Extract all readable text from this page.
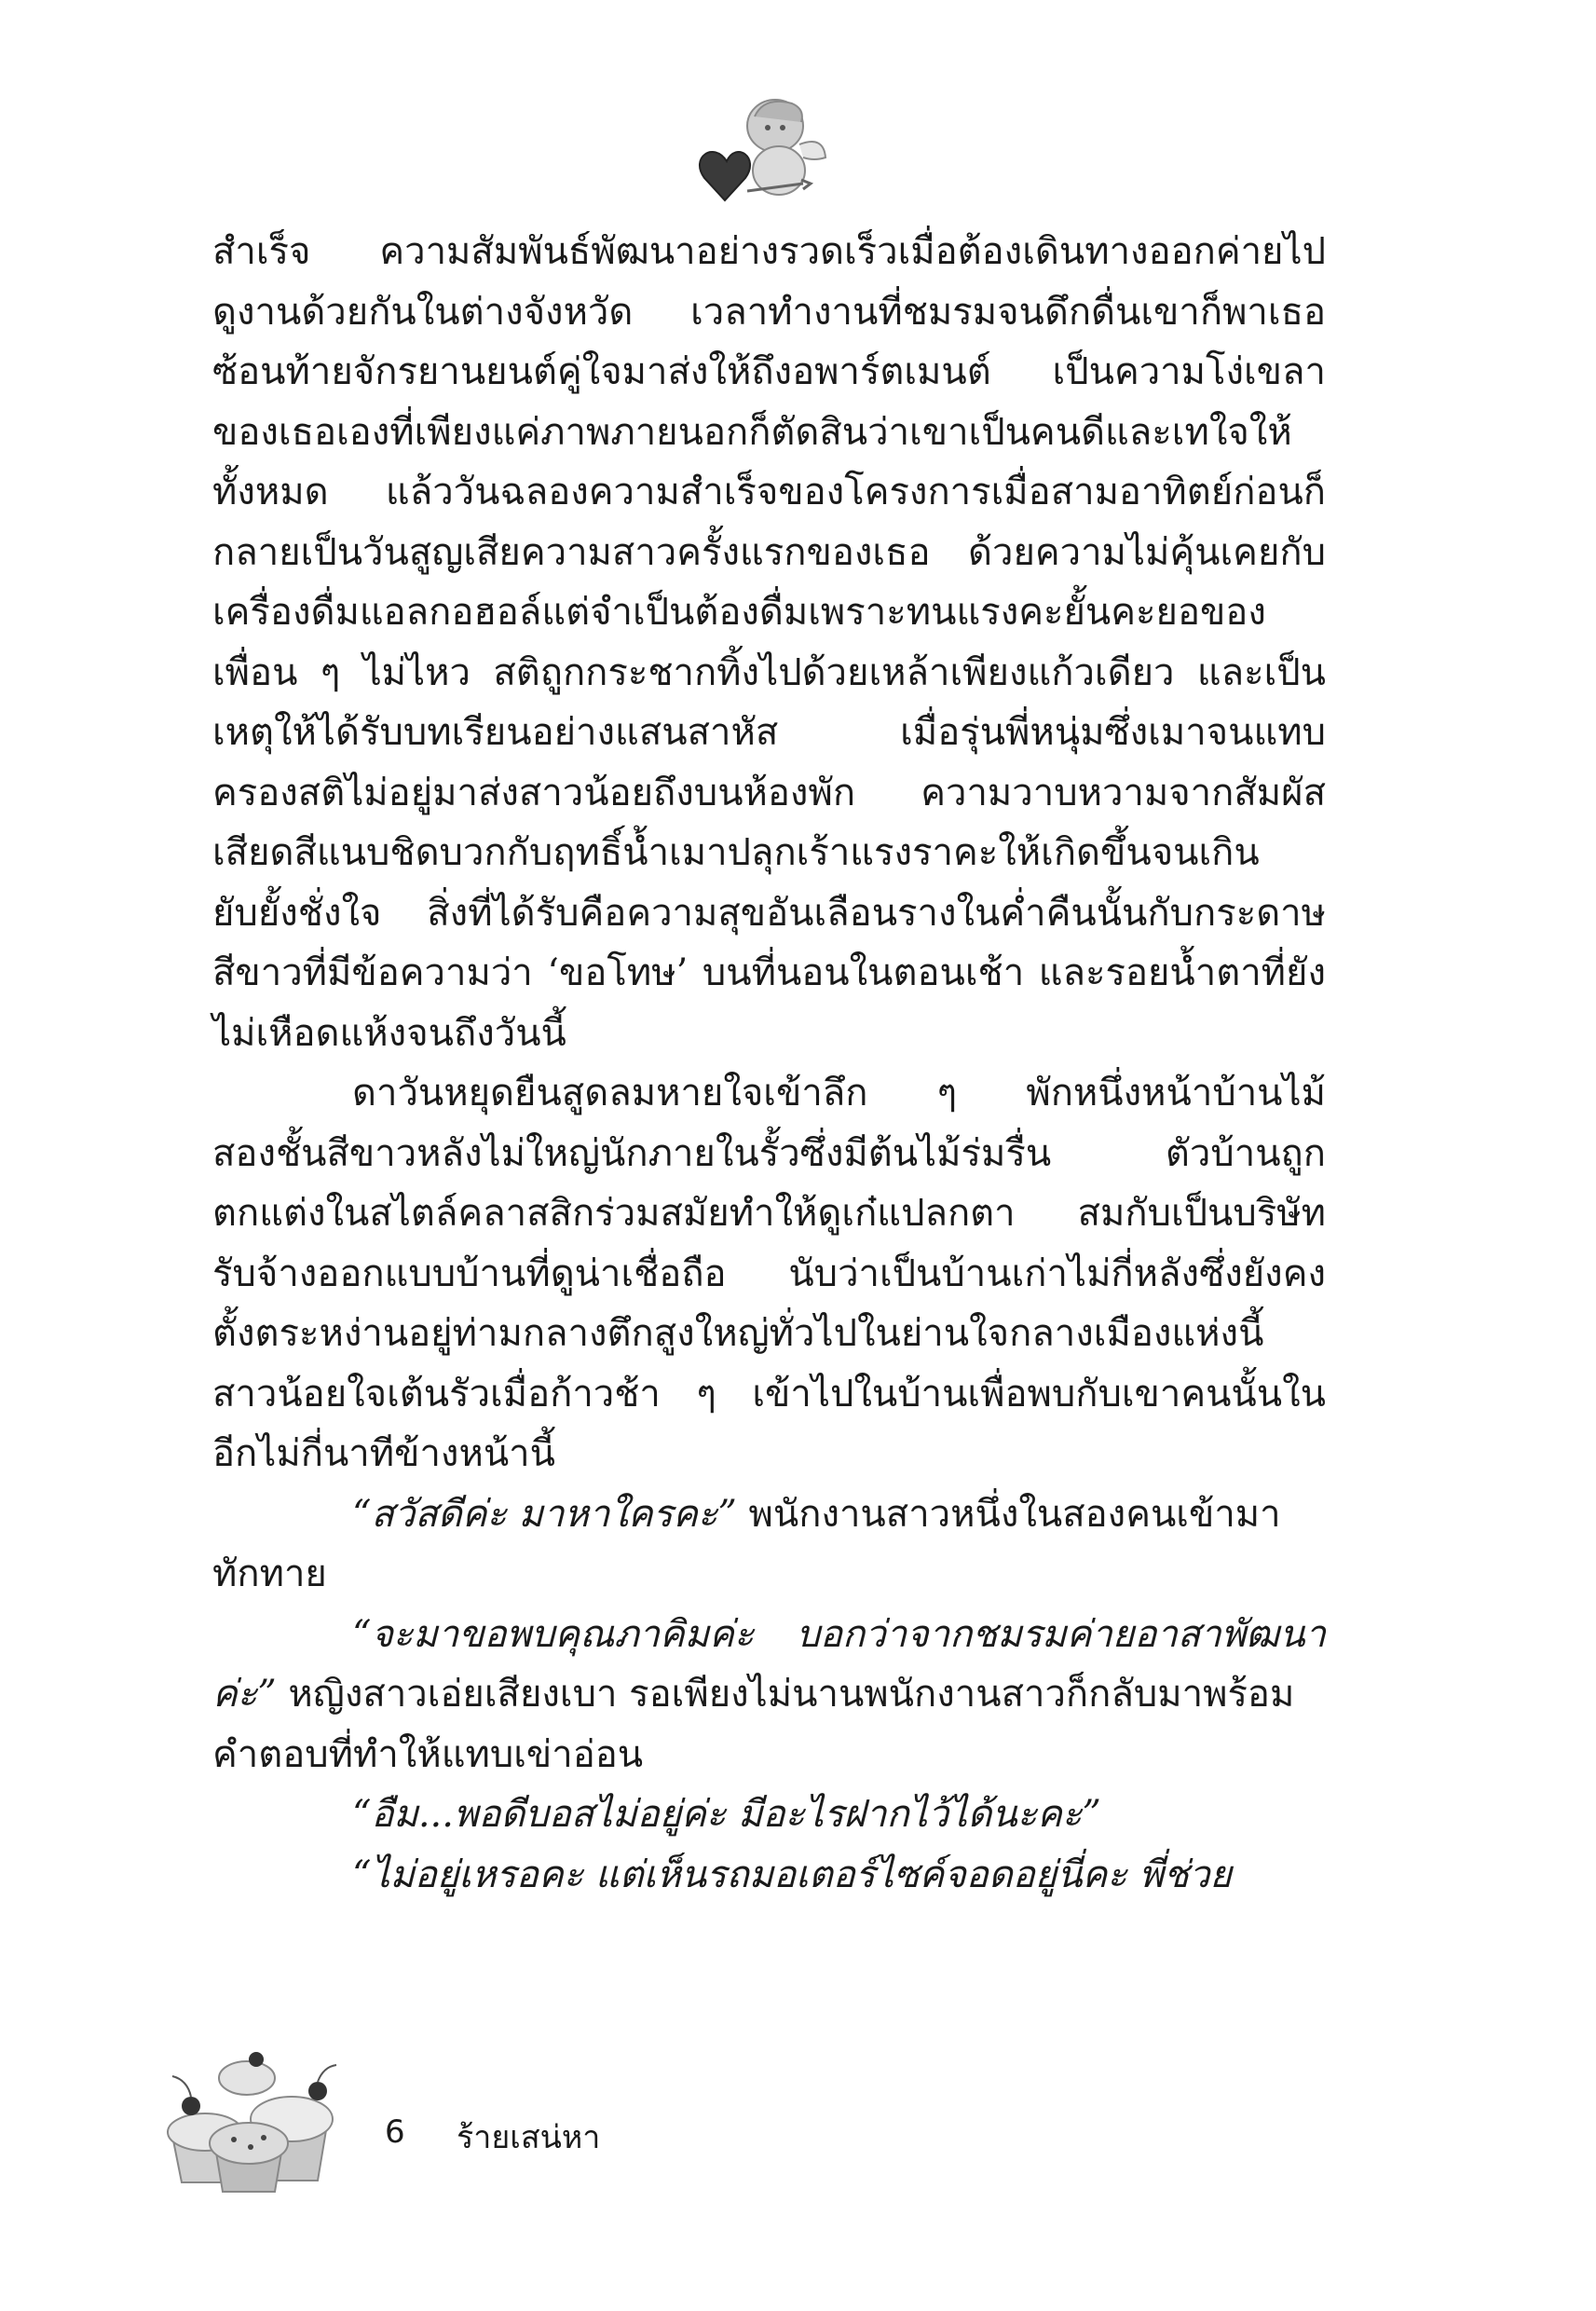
สำเร็จ ความสัมพันธ์พัฒนาอย่างรวดเร็วเมื่อต้องเดินทางออกค่ายไป
ดูงานด้วยกันในต่างจังหวัด เวลาทำงานที่ชมรมจนดึกดื่นเขาก็พาเธอ
ซ้อนท้ายจักรยานยนต์คู่ใจมาส่งให้ถึงอพาร์ตเมนต์ เป็นความโง่เขลา
ของเธอเองที่เพียงแค่ภาพภายนอกก็ตัดสินว่าเขาเป็นคนดีและเทใจให้
ทั้งหมด แล้ววันฉลองความสำเร็จของโครงการเมื่อสามอาทิตย์ก่อนก็
กลายเป็นวันสูญเสียความสาวครั้งแรกของเธอ ด้วยความไม่คุ้นเคยกับ
เครื่องดื่มแอลกอฮอล์แต่จำเป็นต้องดื่มเพราะทนแรงคะยั้นคะยอของ
เพื่อน ๆ ไม่ไหว สติถูกกระชากทิ้งไปด้วยเหล้าเพียงแก้วเดียว และเป็น
เหตุให้ได้รับบทเรียนอย่างแสนสาหัส เมื่อรุ่นพี่หนุ่มซึ่งเมาจนแทบ
ครองสติไม่อยู่มาส่งสาวน้อยถึงบนห้องพัก ความวาบหวามจากสัมผัส
เสียดสีแนบชิดบวกกับฤทธิ์น้ำเมาปลุกเร้าแรงราคะให้เกิดขึ้นจนเกิน
ยับยั้งชั่งใจ สิ่งที่ได้รับคือความสุขอันเลือนรางในค่ำคืนนั้นกับกระดาษ
สีขาวที่มีข้อความว่า ‘ขอโทษ’ บนที่นอนในตอนเช้า และรอยน้ำตาที่ยัง
ไม่เหือดแห้งจนถึงวันนี้
ดาวันหยุดยืนสูดลมหายใจเข้าลึก ๆ พักหนึ่งหน้าบ้านไม้
สองชั้นสีขาวหลังไม่ใหญ่นักภายในรั้วซึ่งมีต้นไม้ร่มรื่น ตัวบ้านถูก
ตกแต่งในสไตล์คลาสสิกร่วมสมัยทำให้ดูเก๋แปลกตา สมกับเป็นบริษัท
รับจ้างออกแบบบ้านที่ดูน่าเชื่อถือ นับว่าเป็นบ้านเก่าไม่กี่หลังซึ่งยังคง
ตั้งตระหง่านอยู่ท่ามกลางตึกสูงใหญ่ทั่วไปในย่านใจกลางเมืองแห่งนี้
สาวน้อยใจเต้นรัวเมื่อก้าวช้า ๆ เข้าไปในบ้านเพื่อพบกับเขาคนนั้นใน
อีกไม่กี่นาทีข้างหน้านี้
“สวัสดีค่ะ มาหาใครคะ” พนักงานสาวหนึ่งในสองคนเข้ามา
ทักทาย
“จะมาขอพบคุณภาคิมค่ะ บอกว่าจากชมรมค่ายอาสาพัฒนา
ค่ะ” หญิงสาวเอ่ยเสียงเบา รอเพียงไม่นานพนักงานสาวก็กลับมาพร้อม
คำตอบที่ทำให้แทบเข่าอ่อน
“อืม...พอดีบอสไม่อยู่ค่ะ มีอะไรฝากไว้ได้นะคะ”
“ไม่อยู่เหรอคะ แต่เห็นรถมอเตอร์ไซค์จอดอยู่นี่คะ พี่ช่วย
6 ร้ายเสน่หา
